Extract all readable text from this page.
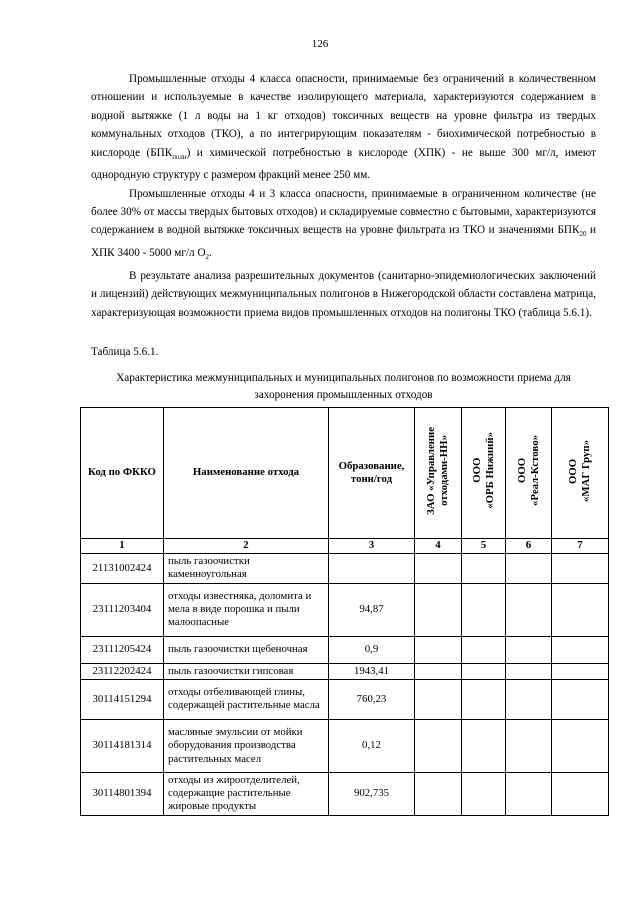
126

Промышленные отходы 4 класса опасности, принимаемые без ограничений в количественном отношении и используемые в качестве изолирующего материала, характеризуются содержанием в водной вытяжке (1 л воды на 1 кг отходов) токсичных веществ на уровне фильтра из твердых коммунальных отходов (ТКО), а по интегрирующим показателям - биохимической потребностью в кислороде $(БПК_{полн})$ и химической потребностью в кислороде (ХПК) - не выше 300 мг/л, имеют однородную структуру с размером фракций менее 250 мм.

Промышленные отходы 4 и 3 класса опасности, принимаемые в ограниченном количестве (не более 30% от массы твердых бытовых отходов) и складируемые совместно с бытовыми, характеризуются содержанием в водной вытяжке токсичных веществ на уровне фильтрата из ТКО и значениями $БПК_{20}$ и ХПК 3400 - 5000 мг/л $О_2$.

В результате анализа разрешительных документов (санитарно-эпидемиологических заключений и лицензий) действующих межмуниципальных полигонов в Нижегородской области составлена матрица, характеризующая возможности приема видов промышленных отходов на полигоны ТКО (таблица 5.6.1).

Таблица 5.6.1.
Характеристика межмуниципальных и муниципальных полигонов по возможности приема для захоронения промышленных отходов
Код по ФККО	Наименование отхода	Образование, тонн/год	ЗАО «Управление
отходами-НН»	ООО
«ОРБ Нижний»	ООО
«Реал-Кстово»	ООО
«МАГ Груп»
1	2	3	4	5	6	7
21131002424	пыль газоочистки каменноугольная					
23111203404	отходы известняка, доломита и мела в виде порошка и пыли малоопасные	94,87				
23111205424	пыль газоочистки щебеночная	0,9				
23112202424	пыль газоочистки гипсовая	1943,41				
30114151294	отходы отбеливающей глины, содержащей растительные масла	760,23				
30114181314	масляные эмульсии от мойки оборудования производства растительных масел	0,12				
30114801394	отходы из жироотделителей, содержащие растительные жировые продукты	902,735				
